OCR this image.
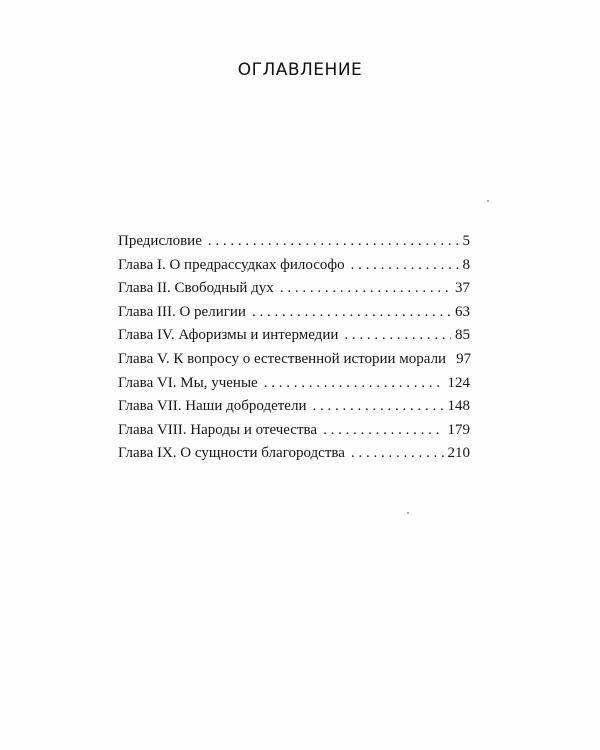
ОГЛАВЛЕНИЕ
Предисловие . . .	5
Глава I. О предрассудках философо . . .	8
Глава II. Свободный дух . . .	37
Глава III. О религии . . .	63
Глава IV. Афоризмы и интермедии . . .	85
Глава V. К вопросу о естественной истории морали 97
Глава VI. Мы, ученые . . .	124
Глава VII. Наши добродетели . . .	148
Глава VIII. Народы и отечества . . .	179
Глава IX. О сущности благородства . . .	210
